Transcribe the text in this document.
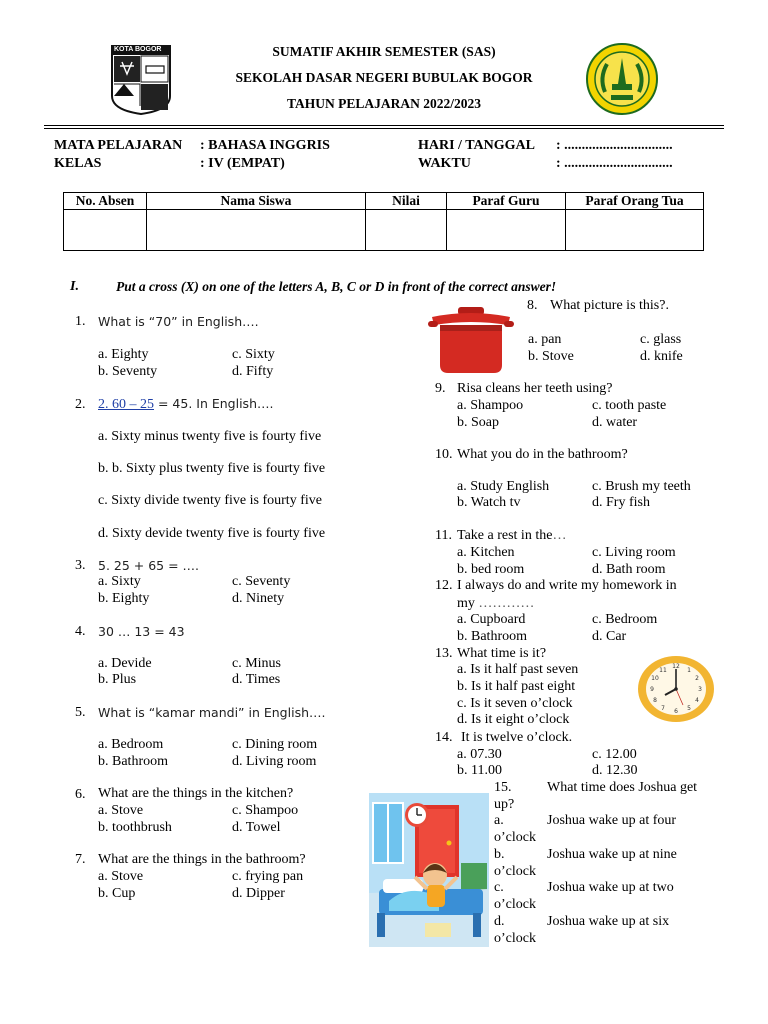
SUMATIF AKHIR SEMESTER (SAS)
SEKOLAH DASAR NEGERI BUBULAK BOGOR
TAHUN PELAJARAN 2022/2023
KOTA BOGOR
MATA PELAJARAN : BAHASA INGGRIS
KELAS	: IV (EMPAT)
HARI / TANGGAL : ...............................
WAKTU	: ...............................
No. Absen	Nama Siswa	Nilai	Paraf Guru	Paraf Orang Tua

I.	Put a cross (X) on one of the letters A, B, C or D in front of the correct answer!
1. What is “70” in English….
a. Eighty
b. Seventy
c. Sixty
d. Fifty
2. 2. 60 – 25 = 45. In English….
a. Sixty minus twenty five is fourty five
b. b. Sixty plus twenty five is fourty five
c. Sixty divide twenty five is fourty five
d. Sixty devide twenty five is fourty five
3. 5. 25 + 65 = ….
a. Sixty
b. Eighty
c. Seventy
d. Ninety
4. 30 … 13 = 43
a. Devide
b. Plus
c. Minus
d. Times
5. What is “kamar mandi” in English….
a. Bedroom
b. Bathroom
c. Dining room
d. Living room
6. What are the things in the kitchen?
a. Stove
b. toothbrush
c. Shampoo
d. Towel
7. What are the things in the bathroom?
a. Stove
b. Cup
c. frying pan
d. Dipper
8. What picture is this?.
a. pan
b. Stove
c. glass
d. knife
9. Risa cleans her teeth using?
a. Shampoo
b. Soap
c. tooth paste
d. water
10. What you do in the bathroom?
a. Study English
b. Watch tv
c. Brush my teeth
d. Fry fish
11. Take a rest in the…
a. Kitchen
b. bed room
c. Living room
d. Bath room
12. I always do and write my homework in
my …………
a. Cupboard
b. Bathroom
c. Bedroom
d. Car
13. What time is it?
a. Is it half past seven
b. Is it half past eight
c. Is it seven o’clock
d. Is it eight o’clock
12
1
2
3
4
5
6
7
8
9
10
11
14. It is twelve o’clock.
a. 07.30
b. 11.00
c. 12.00
d. 12.30
15.	What time does Joshua get
up?
a.	Joshua wake up at four
o’clock
b.	Joshua wake up at nine
o’clock
c.	Joshua wake up at two
o’clock
d.	Joshua wake up at six
o’clock
